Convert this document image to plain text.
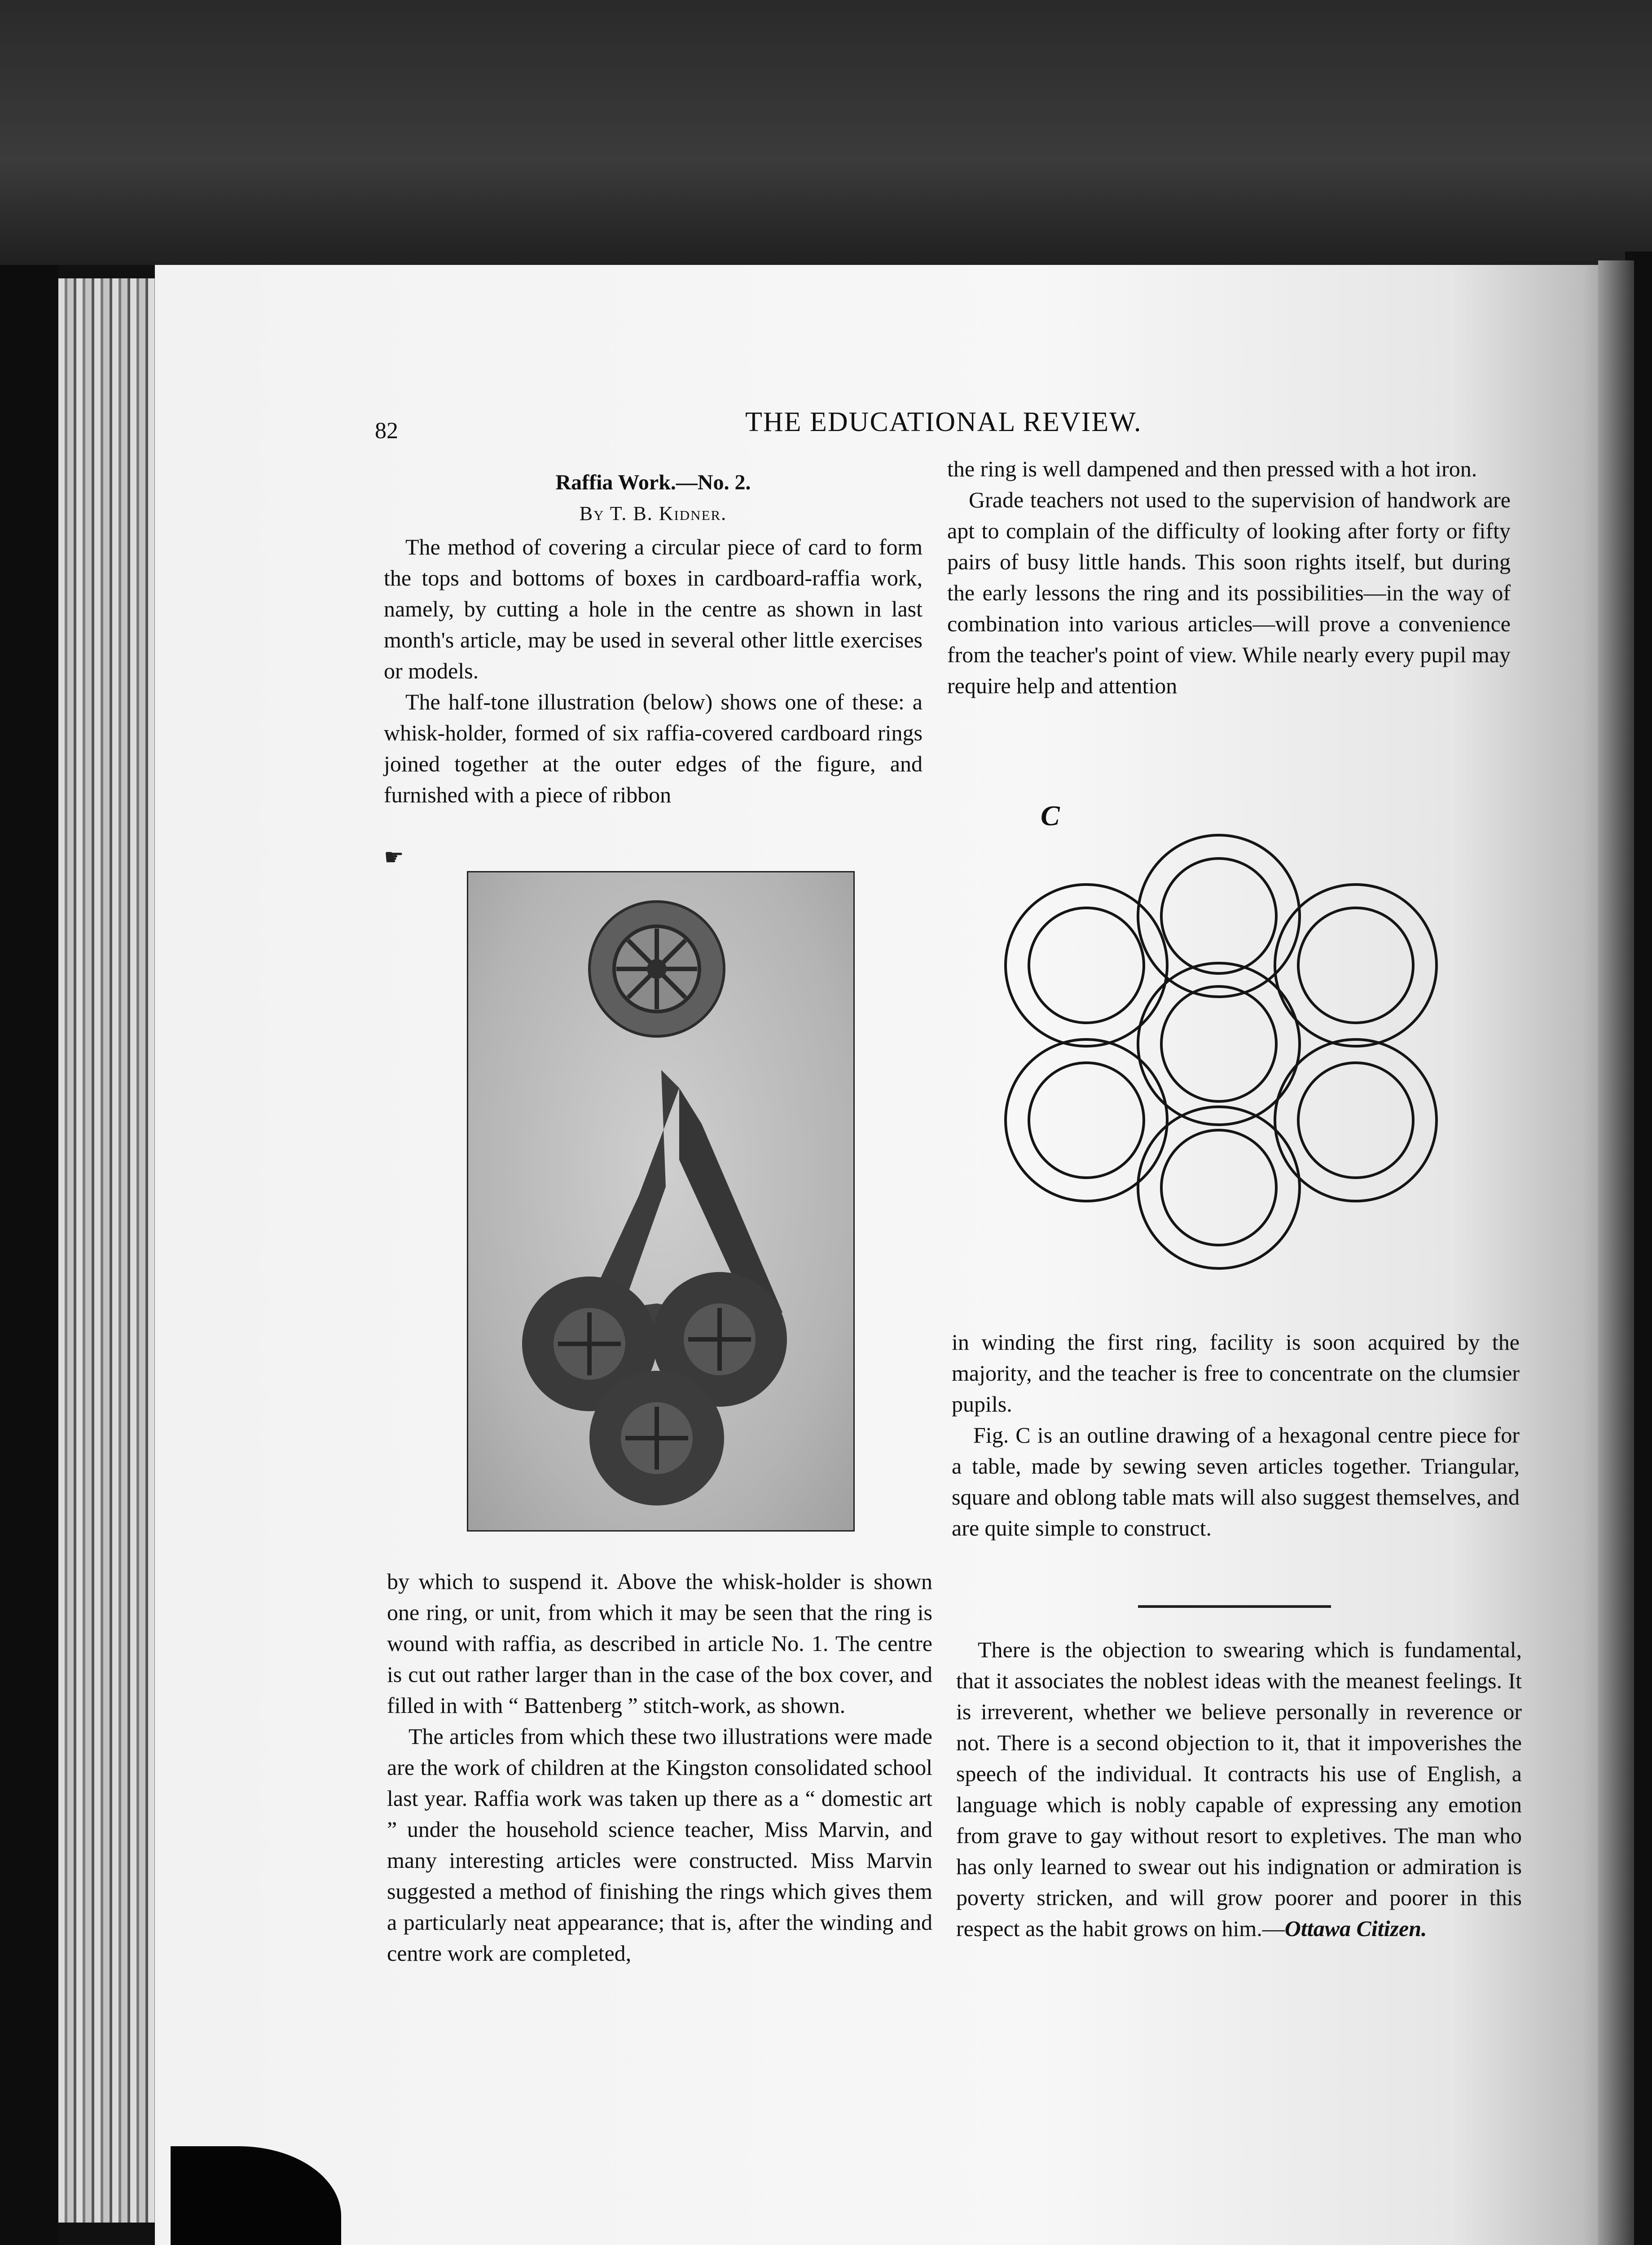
82	THE EDUCATIONAL REVIEW.

Raffia Work.—No. 2.

By T. B. Kidner.

The method of covering a circular piece of card to form the tops and bottoms of boxes in cardboard-raffia work, namely, by cutting a hole in the centre as shown in last month's article, may be used in several other little exercises or models.

The half-tone illustration (below) shows one of these: a whisk-holder, formed of six raffia-covered cardboard rings joined together at the outer edges of the figure, and furnished with a piece of ribbon

☛

by which to suspend it. Above the whisk-holder is shown one ring, or unit, from which it may be seen that the ring is wound with raffia, as described in article No. 1. The centre is cut out rather larger than in the case of the box cover, and filled in with “ Battenberg ” stitch-work, as shown.

The articles from which these two illustrations were made are the work of children at the Kingston consolidated school last year. Raffia work was taken up there as a “ domestic art ” under the household science teacher, Miss Marvin, and many interesting articles were constructed. Miss Marvin suggested a method of finishing the rings which gives them a particularly neat appearance; that is, after the winding and centre work are completed,

the ring is well dampened and then pressed with a hot iron.

Grade teachers not used to the supervision of handwork are apt to complain of the difficulty of looking after forty or fifty pairs of busy little hands. This soon rights itself, but during the early lessons the ring and its possibilities—in the way of combination into various articles—will prove a convenience from the teacher's point of view. While nearly every pupil may require help and attention

C

in winding the first ring, facility is soon acquired by the majority, and the teacher is free to concentrate on the clumsier pupils.

Fig. C is an outline drawing of a hexagonal centre piece for a table, made by sewing seven articles together. Triangular, square and oblong table mats will also suggest themselves, and are quite simple to construct.

There is the objection to swearing which is fundamental, that it associates the noblest ideas with the meanest feelings. It is irreverent, whether we believe personally in reverence or not. There is a second objection to it, that it impoverishes the speech of the individual. It contracts his use of English, a language which is nobly capable of expressing any emotion from grave to gay without resort to expletives. The man who has only learned to swear out his indignation or admiration is poverty stricken, and will grow poorer and poorer in this respect as the habit grows on him.—Ottawa Citizen.
